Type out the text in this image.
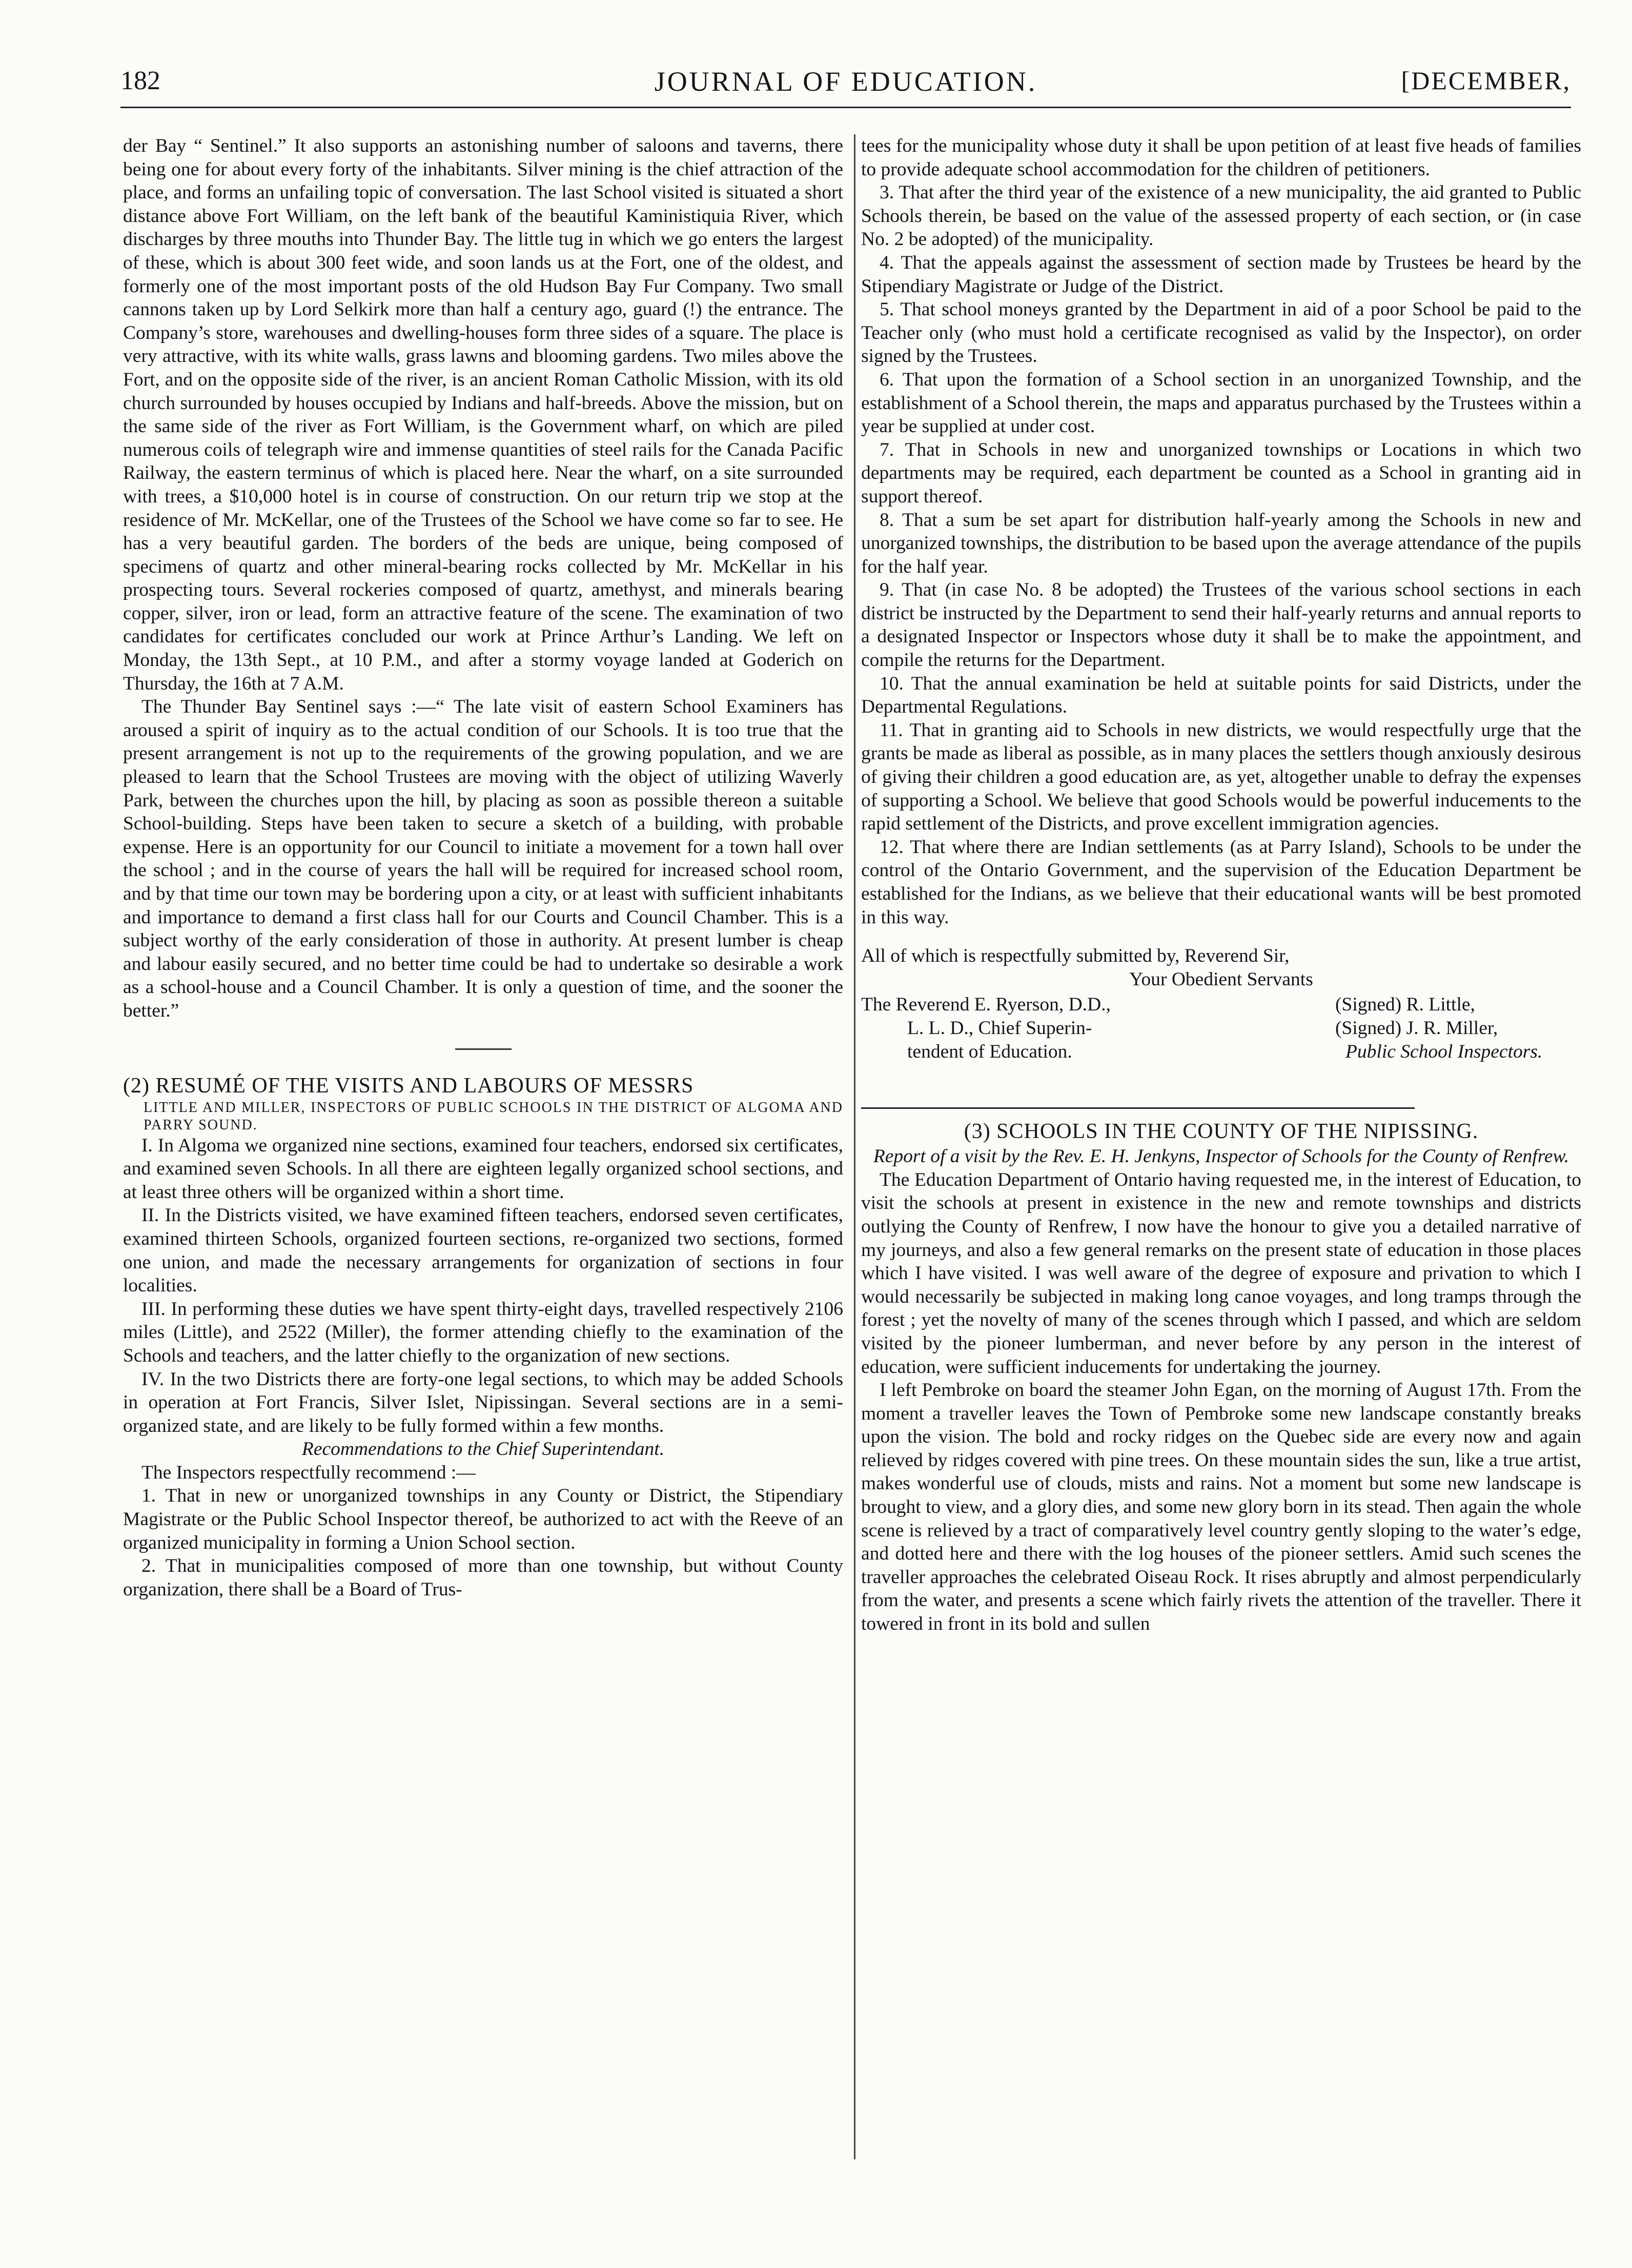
182	JOURNAL OF EDUCATION.	[DECEMBER,

der Bay “ Sentinel.” It also supports an astonishing number of saloons and taverns, there being one for about every forty of the inhabitants. Silver mining is the chief attraction of the place, and forms an unfailing topic of conversation. The last School visited is situated a short distance above Fort William, on the left bank of the beautiful Kaministiquia River, which discharges by three mouths into Thunder Bay. The little tug in which we go enters the largest of these, which is about 300 feet wide, and soon lands us at the Fort, one of the oldest, and formerly one of the most important posts of the old Hudson Bay Fur Company. Two small cannons taken up by Lord Selkirk more than half a century ago, guard (!) the entrance. The Company’s store, warehouses and dwelling-houses form three sides of a square. The place is very attractive, with its white walls, grass lawns and blooming gardens. Two miles above the Fort, and on the opposite side of the river, is an ancient Roman Catholic Mission, with its old church surrounded by houses occupied by Indians and half-breeds. Above the mission, but on the same side of the river as Fort William, is the Government wharf, on which are piled numerous coils of telegraph wire and immense quantities of steel rails for the Canada Pacific Railway, the eastern terminus of which is placed here. Near the wharf, on a site surrounded with trees, a $10,000 hotel is in course of construction. On our return trip we stop at the residence of Mr. McKellar, one of the Trustees of the School we have come so far to see. He has a very beautiful garden. The borders of the beds are unique, being composed of specimens of quartz and other mineral-bearing rocks collected by Mr. McKellar in his prospecting tours. Several rockeries composed of quartz, amethyst, and minerals bearing copper, silver, iron or lead, form an attractive feature of the scene. The examination of two candidates for certificates concluded our work at Prince Arthur’s Landing. We left on Monday, the 13th Sept., at 10 P.M., and after a stormy voyage landed at Goderich on Thursday, the 16th at 7 A.M.

The Thunder Bay Sentinel says :—“ The late visit of eastern School Examiners has aroused a spirit of inquiry as to the actual condition of our Schools. It is too true that the present arrangement is not up to the requirements of the growing population, and we are pleased to learn that the School Trustees are moving with the object of utilizing Waverly Park, between the churches upon the hill, by placing as soon as possible thereon a suitable School-building. Steps have been taken to secure a sketch of a building, with probable expense. Here is an opportunity for our Council to initiate a movement for a town hall over the school ; and in the course of years the hall will be required for increased school room, and by that time our town may be bordering upon a city, or at least with sufficient inhabitants and importance to demand a first class hall for our Courts and Council Chamber. This is a subject worthy of the early consideration of those in authority. At present lumber is cheap and labour easily secured, and no better time could be had to undertake so desirable a work as a school-house and a Council Chamber. It is only a question of time, and the sooner the better.”

(2) RESUMÉ OF THE VISITS AND LABOURS OF MESSRS

LITTLE AND MILLER, INSPECTORS OF PUBLIC SCHOOLS IN THE DISTRICT OF ALGOMA AND PARRY SOUND.

I. In Algoma we organized nine sections, examined four teachers, endorsed six certificates, and examined seven Schools. In all there are eighteen legally organized school sections, and at least three others will be organized within a short time.

II. In the Districts visited, we have examined fifteen teachers, endorsed seven certificates, examined thirteen Schools, organized fourteen sections, re-organized two sections, formed one union, and made the necessary arrangements for organization of sections in four localities.

III. In performing these duties we have spent thirty-eight days, travelled respectively 2106 miles (Little), and 2522 (Miller), the former attending chiefly to the examination of the Schools and teachers, and the latter chiefly to the organization of new sections.

IV. In the two Districts there are forty-one legal sections, to which may be added Schools in operation at Fort Francis, Silver Islet, Nipissingan. Several sections are in a semi-organized state, and are likely to be fully formed within a few months.

Recommendations to the Chief Superintendant.

The Inspectors respectfully recommend :—

1. That in new or unorganized townships in any County or District, the Stipendiary Magistrate or the Public School Inspector thereof, be authorized to act with the Reeve of an organized municipality in forming a Union School section.

2. That in municipalities composed of more than one township, but without County organization, there shall be a Board of Trus-

tees for the municipality whose duty it shall be upon petition of at least five heads of families to provide adequate school accommodation for the children of petitioners.

3. That after the third year of the existence of a new municipality, the aid granted to Public Schools therein, be based on the value of the assessed property of each section, or (in case No. 2 be adopted) of the municipality.

4. That the appeals against the assessment of section made by Trustees be heard by the Stipendiary Magistrate or Judge of the District.

5. That school moneys granted by the Department in aid of a poor School be paid to the Teacher only (who must hold a certificate recognised as valid by the Inspector), on order signed by the Trustees.

6. That upon the formation of a School section in an unorganized Township, and the establishment of a School therein, the maps and apparatus purchased by the Trustees within a year be supplied at under cost.

7. That in Schools in new and unorganized townships or Locations in which two departments may be required, each department be counted as a School in granting aid in support thereof.

8. That a sum be set apart for distribution half-yearly among the Schools in new and unorganized townships, the distribution to be based upon the average attendance of the pupils for the half year.

9. That (in case No. 8 be adopted) the Trustees of the various school sections in each district be instructed by the Department to send their half-yearly returns and annual reports to a designated Inspector or Inspectors whose duty it shall be to make the appointment, and compile the returns for the Department.

10. That the annual examination be held at suitable points for said Districts, under the Departmental Regulations.

11. That in granting aid to Schools in new districts, we would respectfully urge that the grants be made as liberal as possible, as in many places the settlers though anxiously desirous of giving their children a good education are, as yet, altogether unable to defray the expenses of supporting a School. We believe that good Schools would be powerful inducements to the rapid settlement of the Districts, and prove excellent immigration agencies.

12. That where there are Indian settlements (as at Parry Island), Schools to be under the control of the Ontario Government, and the supervision of the Education Department be established for the Indians, as we believe that their educational wants will be best promoted in this way.

All of which is respectfully submitted by, Reverend Sir,

Your Obedient Servants

The Reverend E. Ryerson, D.D.,
L. L. D., Chief Superin-
tendent of Education.
(Signed) R. Little,
(Signed) J. R. Miller,
Public School Inspectors.

(3) SCHOOLS IN THE COUNTY OF THE NIPISSING.

Report of a visit by the Rev. E. H. Jenkyns, Inspector of Schools for the County of Renfrew.

The Education Department of Ontario having requested me, in the interest of Education, to visit the schools at present in existence in the new and remote townships and districts outlying the County of Renfrew, I now have the honour to give you a detailed narrative of my journeys, and also a few general remarks on the present state of education in those places which I have visited. I was well aware of the degree of exposure and privation to which I would necessarily be subjected in making long canoe voyages, and long tramps through the forest ; yet the novelty of many of the scenes through which I passed, and which are seldom visited by the pioneer lumberman, and never before by any person in the interest of education, were sufficient inducements for undertaking the journey.

I left Pembroke on board the steamer John Egan, on the morning of August 17th. From the moment a traveller leaves the Town of Pembroke some new landscape constantly breaks upon the vision. The bold and rocky ridges on the Quebec side are every now and again relieved by ridges covered with pine trees. On these mountain sides the sun, like a true artist, makes wonderful use of clouds, mists and rains. Not a moment but some new landscape is brought to view, and a glory dies, and some new glory born in its stead. Then again the whole scene is relieved by a tract of comparatively level country gently sloping to the water’s edge, and dotted here and there with the log houses of the pioneer settlers. Amid such scenes the traveller approaches the celebrated Oiseau Rock. It rises abruptly and almost perpendicularly from the water, and presents a scene which fairly rivets the attention of the traveller. There it towered in front in its bold and sullen
